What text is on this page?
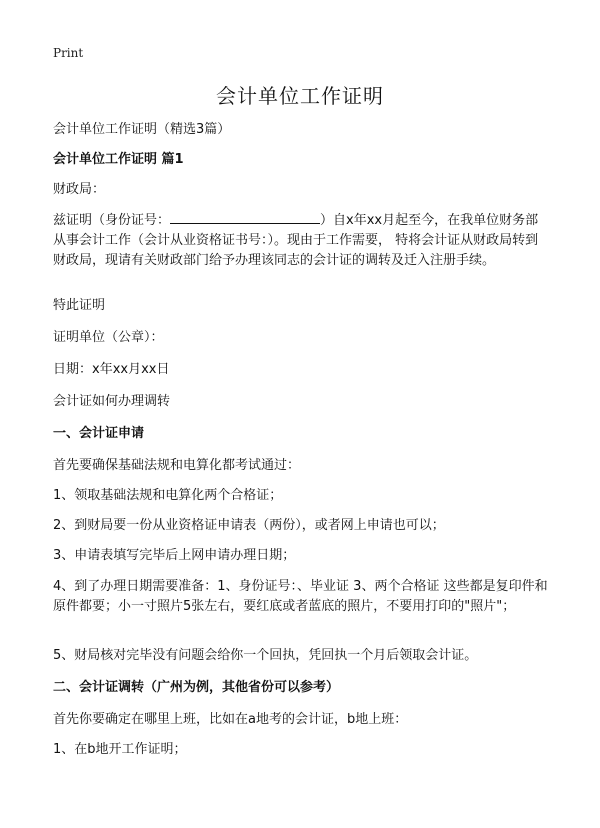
Print
会计单位工作证明

会计单位工作证明（精选3篇）

会计单位工作证明 篇1

财政局：

兹证明（身份证号：	）自x年xx月起至今，在我单位财务部从事会计工作（会计从业资格证书号：）。现由于工作需要， 特将会计证从财政局转到财政局，现请有关财政部门给予办理该同志的会计证的调转及迁入注册手续。

特此证明

证明单位（公章）：

日期：x年xx月xx日

会计证如何办理调转

一、会计证申请

首先要确保基础法规和电算化都考试通过：

1、领取基础法规和电算化两个合格证；

2、到财局要一份从业资格证申请表（两份），或者网上申请也可以；

3、申请表填写完毕后上网申请办理日期；

4、到了办理日期需要准备：1、身份证号：、毕业证 3、两个合格证 这些都是复印件和原件都要；小一寸照片5张左右，要红底或者蓝底的照片，不要用打印的"照片"；

5、财局核对完毕没有问题会给你一个回执，凭回执一个月后领取会计证。

二、会计证调转（广州为例，其他省份可以参考）

首先你要确定在哪里上班，比如在a地考的会计证，b地上班：

1、在b地开工作证明；
